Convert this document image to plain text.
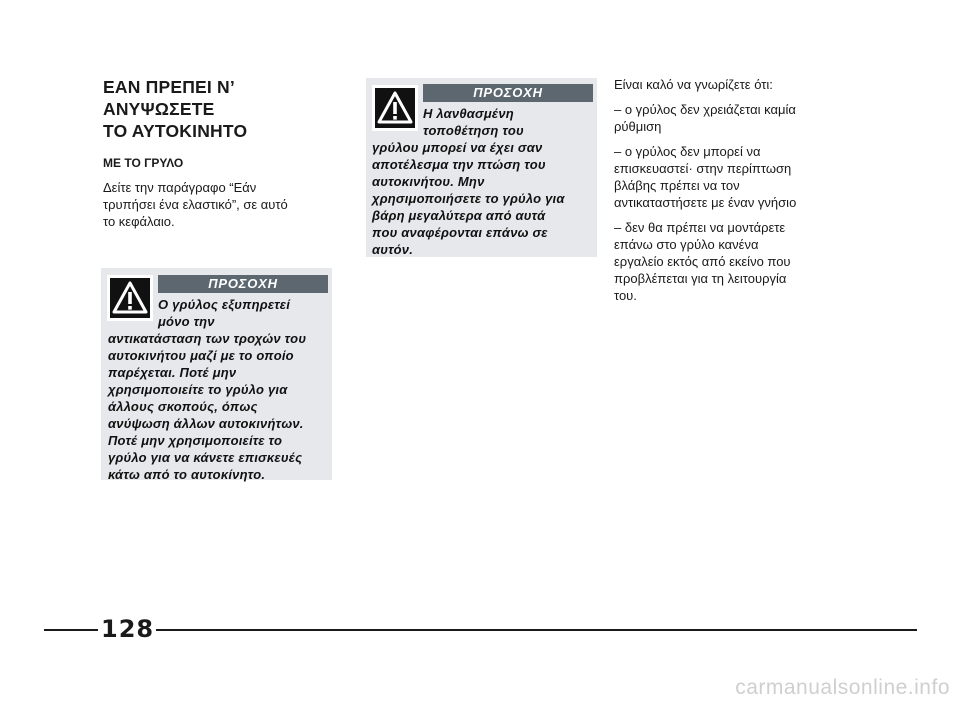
ΕΑΝ ΠΡΕΠΕΙ Ν’
ΑΝΥΨΩΣΕΤΕ
ΤΟ ΑΥΤΟΚΙΝΗΤΟ
ΜΕ ΤΟ ΓΡΥΛΟ

Δείτε την παράγραφο “Εάν
τρυπήσει ένα ελαστικό”, σε αυτό
το κεφάλαιο.

ΠΡΟΣΟΧΗ
Ο γρύλος εξυπηρετεί
μόνο την
αντικατάσταση των τροχών του
αυτοκινήτου μαζί με το οποίο
παρέχεται. Ποτέ μην
χρησιμοποιείτε το γρύλο για
άλλους σκοπούς, όπως
ανύψωση άλλων αυτοκινήτων.
Ποτέ μην χρησιμοποιείτε το
γρύλο για να κάνετε επισκευές
κάτω από το αυτοκίνητο.
ΠΡΟΣΟΧΗ
Η λανθασμένη
τοποθέτηση του
γρύλου μπορεί να έχει σαν
αποτέλεσμα την πτώση του
αυτοκινήτου. Μην
χρησιμοποιήσετε το γρύλο για
βάρη μεγαλύτερα από αυτά
που αναφέρονται επάνω σε
αυτόν.

Είναι καλό να γνωρίζετε ότι:

– ο γρύλος δεν χρειάζεται καμία
ρύθμιση

– ο γρύλος δεν μπορεί να
επισκευαστεί· στην περίπτωση
βλάβης πρέπει να τον
αντικαταστήσετε με έναν γνήσιο

– δεν θα πρέπει να μοντάρετε
επάνω στο γρύλο κανένα
εργαλείο εκτός από εκείνο που
προβλέπεται για τη λειτουργία
του.

128
carmanualsonline.info
